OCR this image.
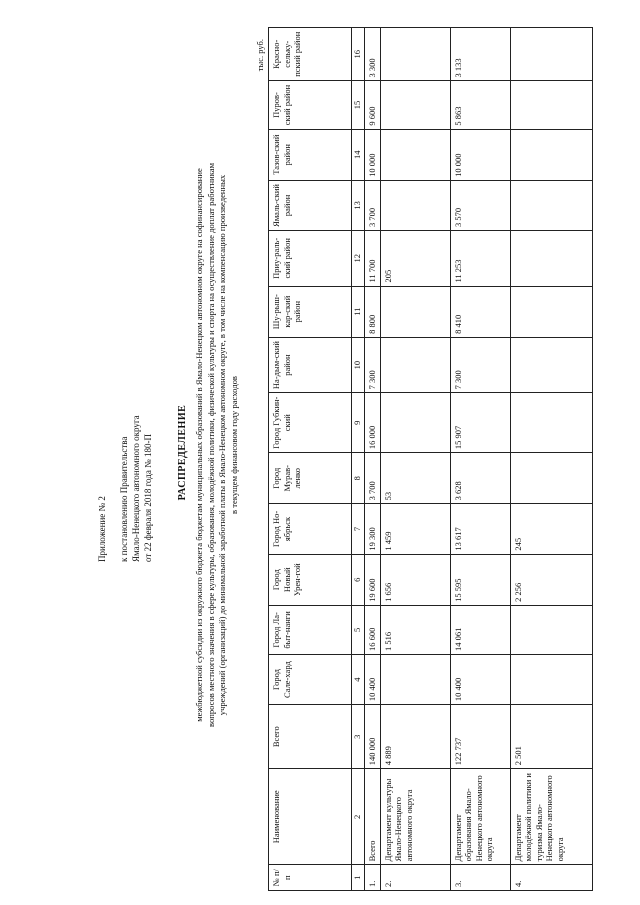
Приложение № 2 к постановлению Правительства Ямало-Ненецкого автономного округа от 22 февраля 2018 года № 180-П РАСПРЕДЕЛЕНИЕ межбюджетной субсидии из окружного бюджета бюджетам муниципальных образований в Ямало-Ненецком автономном округе на софинансирование вопросов местного значения в сфере культуры, образования, молодёжной политики, физической культуры и спорта на осуществление доплат работникам учреждений (организаций) до минимальной заработной платы в Ямало-Ненецком автономном округе, в том числе на компенсацию произведенных в текущем финансовом году расходов
тыс. руб.
№ п/п	Наименование	Всего	Город Сале-хард	Город Ла-быт-нанги	Город Новый Урен-гой	Город Но-ябрьск	Город Мурав-ленко	Город Губкин-ский	На-дым-ский район	Шу-рыш-кар-ский район	Приу-раль-ский район	Ямаль-ский район	Тазов-ский район	Пуров-ский район	Красно-сельку-пский район
1	2	3	4	5	6	7	8	9	10	11	12	13	14	15	16
1.	Всего	140 000	10 400	16 600	19 600	19 300	3 700	16 000	7 300	8 800	11 700	3 700	10 000	9 600	3 300
2.	Департамент культуры Ямало-Ненецкого автономного округа	4 889		1 516	1 656	1 459	53				205				
3.	Департамент образования Ямало-Ненецкого автономного округа	122 737	10 400	14 061	15 595	13 617	3 628	15 907	7 300	8 410	11 253	3 570	10 000	5 863	3 133
4.	Департамент молодёжной политики и туризма Ямало-Ненецкого автономного округа	2 501			2 256	245									
